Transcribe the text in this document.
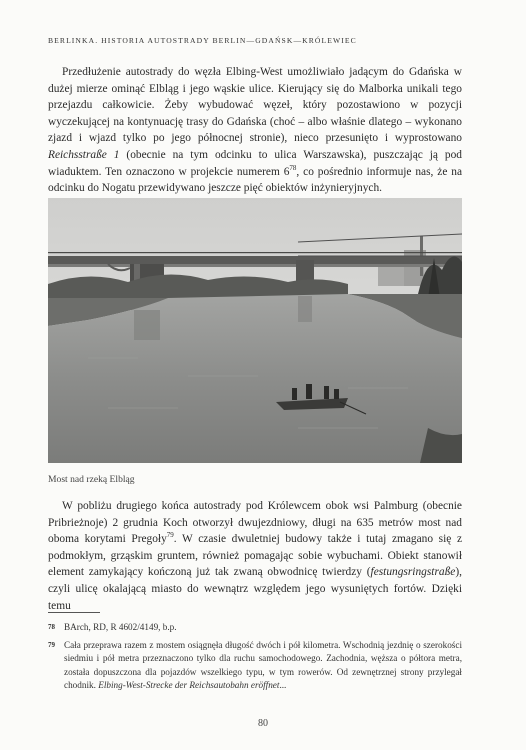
BERLINKA. HISTORIA AUTOSTRADY BERLIN—GDAŃSK—KRÓLEWIEC

Przedłużenie autostrady do węzła Elbing-West umożliwiało jadącym do Gdańska w dużej mierze ominąć Elbląg i jego wąskie ulice. Kierujący się do Malborka unikali tego przejazdu całkowicie. Żeby wybudować węzeł, który pozostawiono w pozycji wyczekującej na kontynuację trasy do Gdańska (choć – albo właśnie dlatego – wykonano zjazd i wjazd tylko po jego północnej stronie), nieco przesunięto i wyprostowano Reichsstraße 1 (obecnie na tym odcinku to ulica Warszawska), puszczając ją pod wiaduktem. Ten oznaczono w projekcie numerem $6^{78}$, co pośrednio informuje nas, że na odcinku do Nogatu przewidywano jeszcze pięć obiektów inżynieryjnych.

Most nad rzeką Elbląg

W pobliżu drugiego końca autostrady pod Królewcem obok wsi Palmburg (obecnie Pribrieżnoje) 2 grudnia Koch otworzył dwujezdniowy, długi na 635 metrów most nad oboma korytami Pregoły$^{79}$. W czasie dwuletniej budowy także i tutaj zmagano się z podmokłym, grząskim gruntem, również pomagając sobie wybuchami. Obiekt stanowił element zamykający kończoną już tak zwaną obwodnicę twierdzy (festungsringstraße), czyli ulicę okalającą miasto do wewnątrz względem jego wysuniętych fortów. Dzięki temu

78 BArch, RD, R 4602/4149, b.p.
79 Cała przeprawa razem z mostem osiągnęła długość dwóch i pół kilometra. Wschodnią jezdnię o szerokości siedmiu i pół metra przeznaczono tylko dla ruchu samochodowego. Zachodnia, węższa o półtora metra, została dopuszczona dla pojazdów wszelkiego typu, w tym rowerów. Od zewnętrznej strony przylegał chodnik. Elbing-West-Strecke der Reichsautobahn eröffnet...
80
